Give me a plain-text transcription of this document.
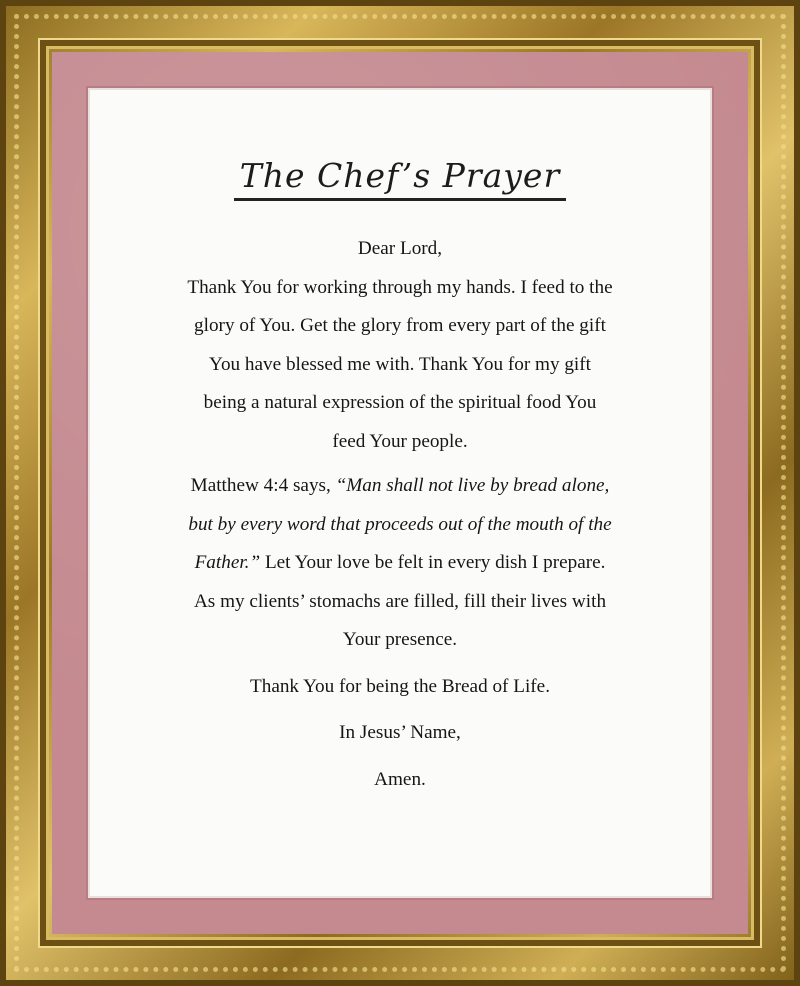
The Chef’s Prayer
Dear Lord,
Thank You for working through my hands. I feed to the
glory of You. Get the glory from every part of the gift
You have blessed me with. Thank You for my gift
being a natural expression of the spiritual food You
feed Your people.
Matthew 4:4 says, “Man shall not live by bread alone,
but by every word that proceeds out of the mouth of the
Father.” Let Your love be felt in every dish I prepare.
As my clients’ stomachs are filled, fill their lives with
Your presence.
Thank You for being the Bread of Life.
In Jesus’ Name,
Amen.
